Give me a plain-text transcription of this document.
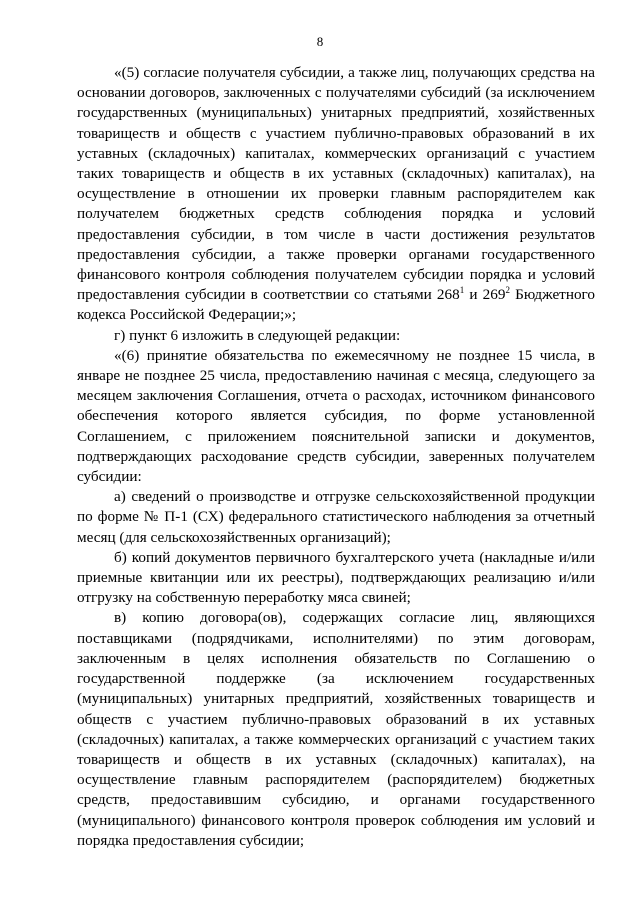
8

«(5) согласие получателя субсидии, а также лиц, получающих средства на основании договоров, заключенных с получателями субсидий (за исключением государственных (муниципальных) унитарных предприятий, хозяйственных товариществ и обществ с участием публично-правовых образований в их уставных (складочных) капиталах, коммерческих организаций с участием таких товариществ и обществ в их уставных (складочных) капиталах), на осуществление в отношении их проверки главным распорядителем как получателем бюджетных средств соблюдения порядка и условий предоставления субсидии, в том числе в части достижения результатов предоставления субсидии, а также проверки органами государственного финансового контроля соблюдения получателем субсидии порядка и условий предоставления субсидии в соответствии со статьями $268^1$ и $269^2$ Бюджетного кодекса Российской Федерации;»;

г) пункт 6 изложить в следующей редакции:

«(6) принятие обязательства по ежемесячному не позднее 15 числа, в январе не позднее 25 числа, предоставлению начиная с месяца, следующего за месяцем заключения Соглашения, отчета о расходах, источником финансового обеспечения которого является субсидия, по форме установленной Соглашением, с приложением пояснительной записки и документов, подтверждающих расходование средств субсидии, заверенных получателем субсидии:

а) сведений о производстве и отгрузке сельскохозяйственной продукции по форме № П-1 (СХ) федерального статистического наблюдения за отчетный месяц (для сельскохозяйственных организаций);

б) копий документов первичного бухгалтерского учета (накладные и/или приемные квитанции или их реестры), подтверждающих реализацию и/или отгрузку на собственную переработку мяса свиней;

в) копию договора(ов), содержащих согласие лиц, являющихся поставщиками (подрядчиками, исполнителями) по этим договорам, заключенным в целях исполнения обязательств по Соглашению о государственной поддержке (за исключением государственных (муниципальных) унитарных предприятий, хозяйственных товариществ и обществ с участием публично-правовых образований в их уставных (складочных) капиталах, а также коммерческих организаций с участием таких товариществ и обществ в их уставных (складочных) капиталах), на осуществление главным распорядителем (распорядителем) бюджетных средств, предоставившим субсидию, и органами государственного (муниципального) финансового контроля проверок соблюдения им условий и порядка предоставления субсидии;
